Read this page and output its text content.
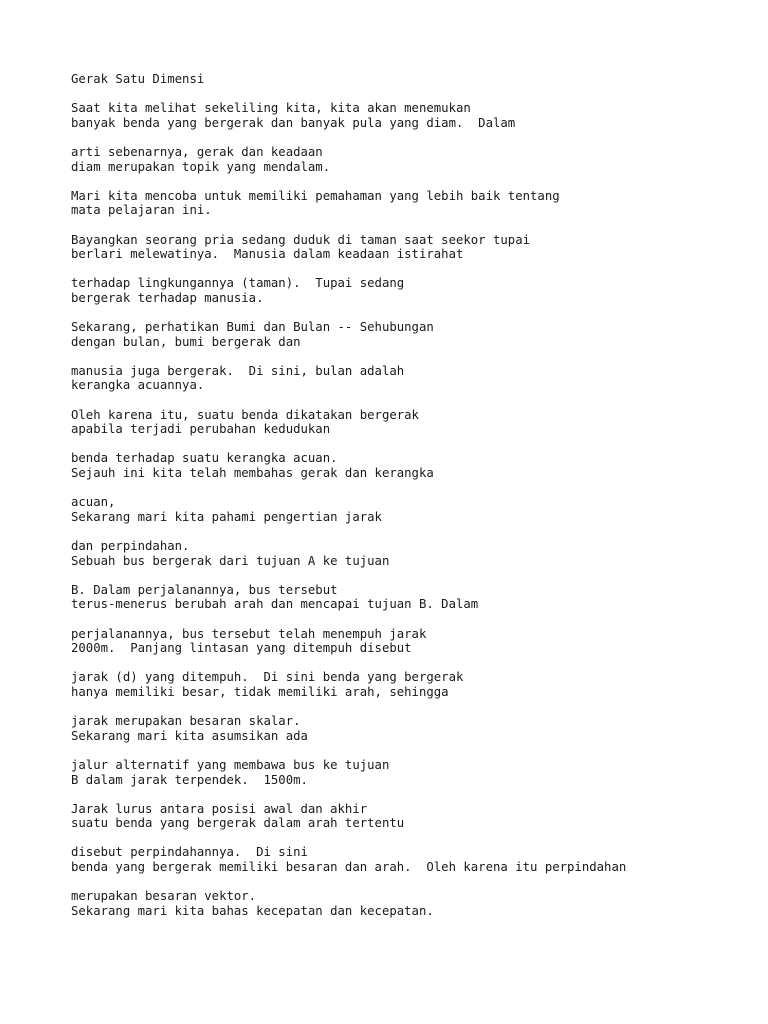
Gerak Satu Dimensi
Saat kita melihat sekeliling kita, kita akan menemukan
banyak benda yang bergerak dan banyak pula yang diam.  Dalam
arti sebenarnya, gerak dan keadaan
diam merupakan topik yang mendalam.
Mari kita mencoba untuk memiliki pemahaman yang lebih baik tentang
mata pelajaran ini.
Bayangkan seorang pria sedang duduk di taman saat seekor tupai
berlari melewatinya.  Manusia dalam keadaan istirahat
terhadap lingkungannya (taman).  Tupai sedang
bergerak terhadap manusia.
Sekarang, perhatikan Bumi dan Bulan -- Sehubungan
dengan bulan, bumi bergerak dan
manusia juga bergerak.  Di sini, bulan adalah
kerangka acuannya.
Oleh karena itu, suatu benda dikatakan bergerak
apabila terjadi perubahan kedudukan
benda terhadap suatu kerangka acuan.
Sejauh ini kita telah membahas gerak dan kerangka
acuan,
Sekarang mari kita pahami pengertian jarak
dan perpindahan.
Sebuah bus bergerak dari tujuan A ke tujuan
B. Dalam perjalanannya, bus tersebut
terus-menerus berubah arah dan mencapai tujuan B. Dalam
perjalanannya, bus tersebut telah menempuh jarak
2000m.  Panjang lintasan yang ditempuh disebut
jarak (d) yang ditempuh.  Di sini benda yang bergerak
hanya memiliki besar, tidak memiliki arah, sehingga
jarak merupakan besaran skalar.
Sekarang mari kita asumsikan ada
jalur alternatif yang membawa bus ke tujuan
B dalam jarak terpendek.  1500m.
Jarak lurus antara posisi awal dan akhir
suatu benda yang bergerak dalam arah tertentu
disebut perpindahannya.  Di sini
benda yang bergerak memiliki besaran dan arah.  Oleh karena itu perpindahan
merupakan besaran vektor.
Sekarang mari kita bahas kecepatan dan kecepatan.
